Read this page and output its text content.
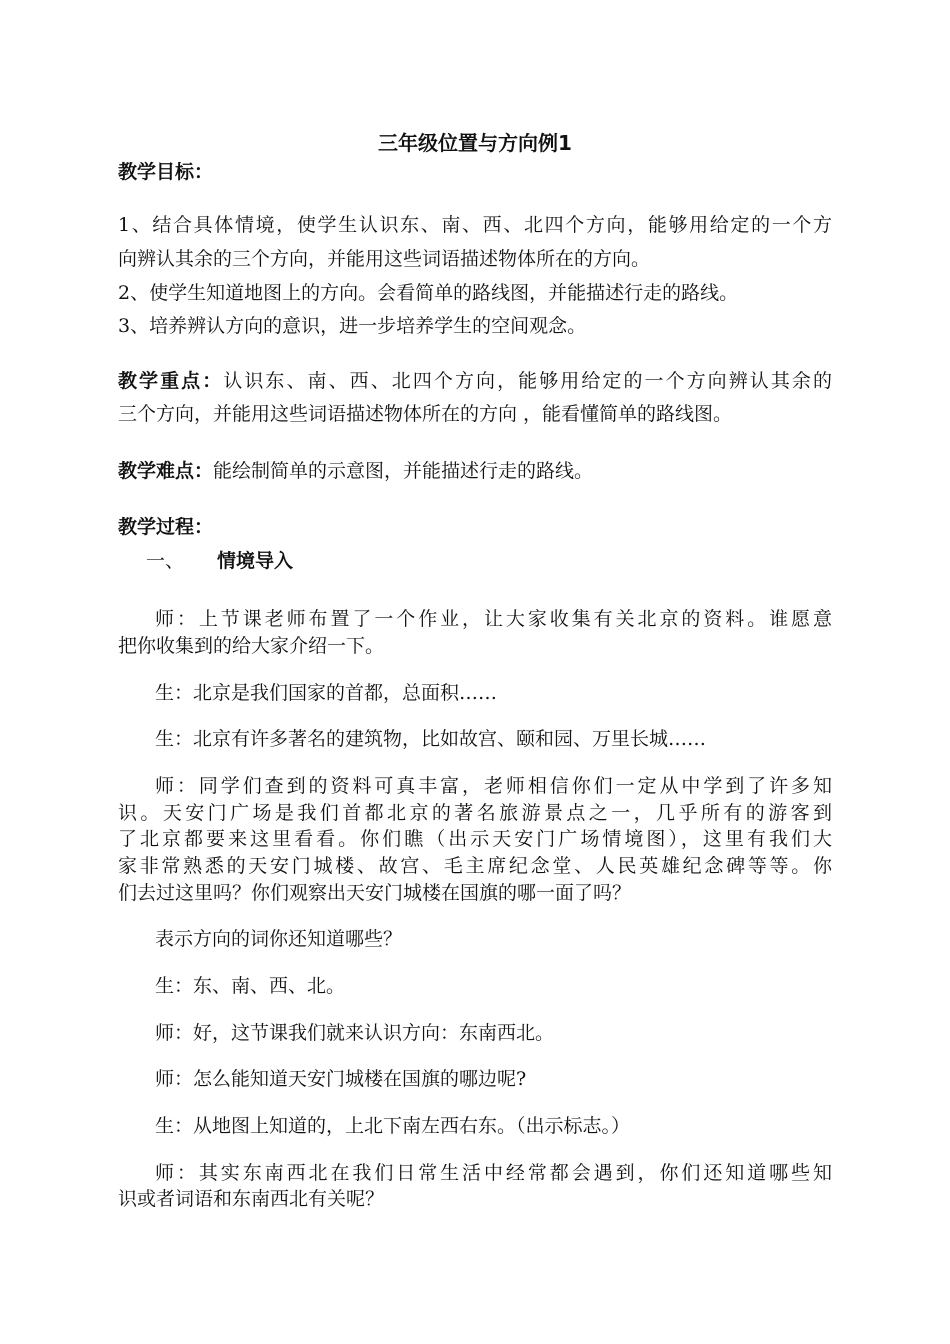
三年级位置与方向例1
教学目标：
1、结合具体情境，使学生认识东、南、西、北四个方向，能够用给定的一个方
向辨认其余的三个方向，并能用这些词语描述物体所在的方向。
2、使学生知道地图上的方向。会看简单的路线图，并能描述行走的路线。
3、培养辨认方向的意识，进一步培养学生的空间观念。
教学重点：认识东、南、西、北四个方向，能够用给定的一个方向辨认其余的
三个方向，并能用这些词语描述物体所在的方向 ，能看懂简单的路线图。
教学难点：能绘制简单的示意图，并能描述行走的路线。
教学过程：
一、 情境导入
师：上节课老师布置了一个作业，让大家收集有关北京的资料。谁愿意
把你收集到的给大家介绍一下。
生：北京是我们国家的首都，总面积……
生：北京有许多著名的建筑物，比如故宫、颐和园、万里长城……
师：同学们查到的资料可真丰富，老师相信你们一定从中学到了许多知
识。天安门广场是我们首都北京的著名旅游景点之一，几乎所有的游客到
了北京都要来这里看看。你们瞧（出示天安门广场情境图），这里有我们大
家非常熟悉的天安门城楼、故宫、毛主席纪念堂、人民英雄纪念碑等等。你
们去过这里吗？你们观察出天安门城楼在国旗的哪一面了吗？
表示方向的词你还知道哪些？
生：东、南、西、北。
师：好，这节课我们就来认识方向：东南西北。
师：怎么能知道天安门城楼在国旗的哪边呢?
生：从地图上知道的，上北下南左西右东。（出示标志。）
师：其实东南西北在我们日常生活中经常都会遇到，你们还知道哪些知
识或者词语和东南西北有关呢？
